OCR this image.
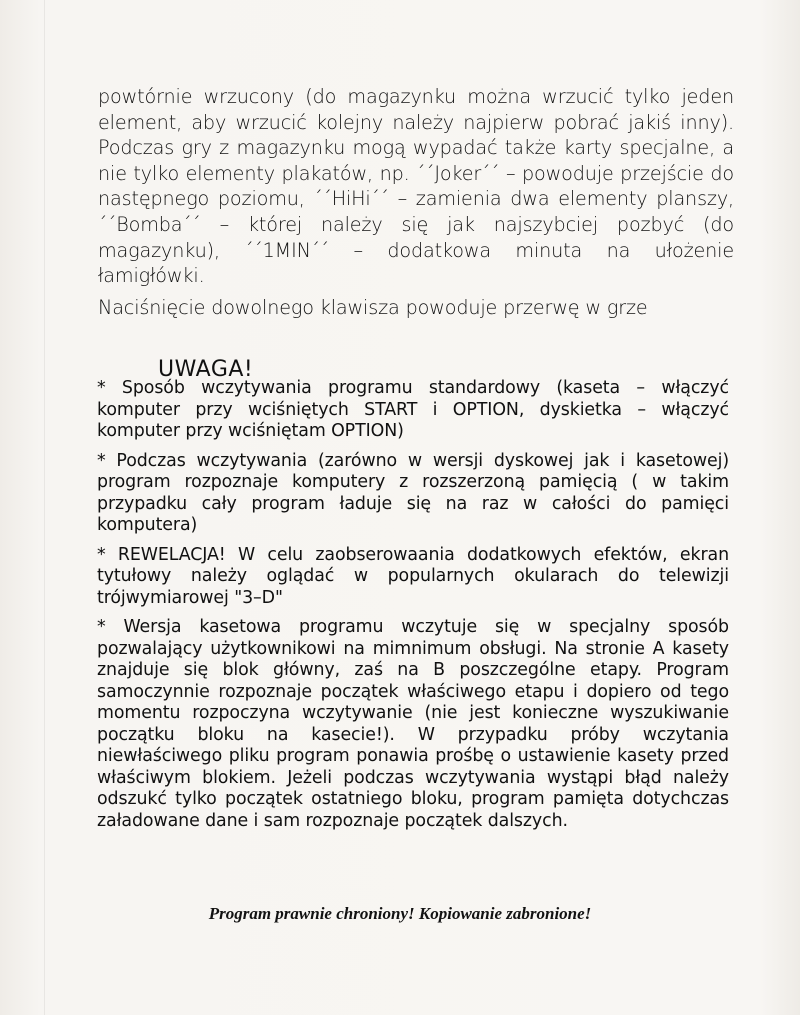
powtórnie wrzucony (do magazynku można wrzucić tylko jeden element, aby wrzucić kolejny należy najpierw pobrać jakiś inny). Podczas gry z magazynku mogą wypadać także karty specjalne, a nie tylko elementy plakatów, np. ´´Joker´´ – powoduje przejście do następnego poziomu, ´´HiHi´´ – zamienia dwa elementy planszy, ´´Bomba´´ – której należy się jak najszybciej pozbyć (do magazynku), ´´1MIN´´ – dodatkowa minuta na ułożenie łamigłówki.

Naciśnięcie dowolnego klawisza powoduje przerwę w grze

UWAGA!

* Sposób wczytywania programu standardowy (kaseta – włączyć komputer przy wciśniętych START i OPTION, dyskietka – włączyć komputer przy wciśniętam OPTION)

* Podczas wczytywania (zarówno w wersji dyskowej jak i kasetowej) program rozpoznaje komputery z rozszerzoną pamięcią ( w takim przypadku cały program ładuje się na raz w całości do pamięci komputera)

* REWELACJA! W celu zaobserowaania dodatkowych efektów, ekran tytułowy należy oglądać w popularnych okularach do telewizji trójwymiarowej "3–D"

* Wersja kasetowa programu wczytuje się w specjalny sposób pozwalający użytkownikowi na mimnimum obsługi. Na stronie A kasety znajduje się blok główny, zaś na B poszczególne etapy. Program samoczynnie rozpoznaje początek właściwego etapu i dopiero od tego momentu rozpoczyna wczytywanie (nie jest konieczne wyszukiwanie początku bloku na kasecie!). W przypadku próby wczytania niewłaściwego pliku program ponawia prośbę o ustawienie kasety przed właściwym blokiem. Jeżeli podczas wczytywania wystąpi błąd należy odszukć tylko początek ostatniego bloku, program pamięta dotychczas załadowane dane i sam rozpoznaje początek dalszych.

Program prawnie chroniony! Kopiowanie zabronione!
